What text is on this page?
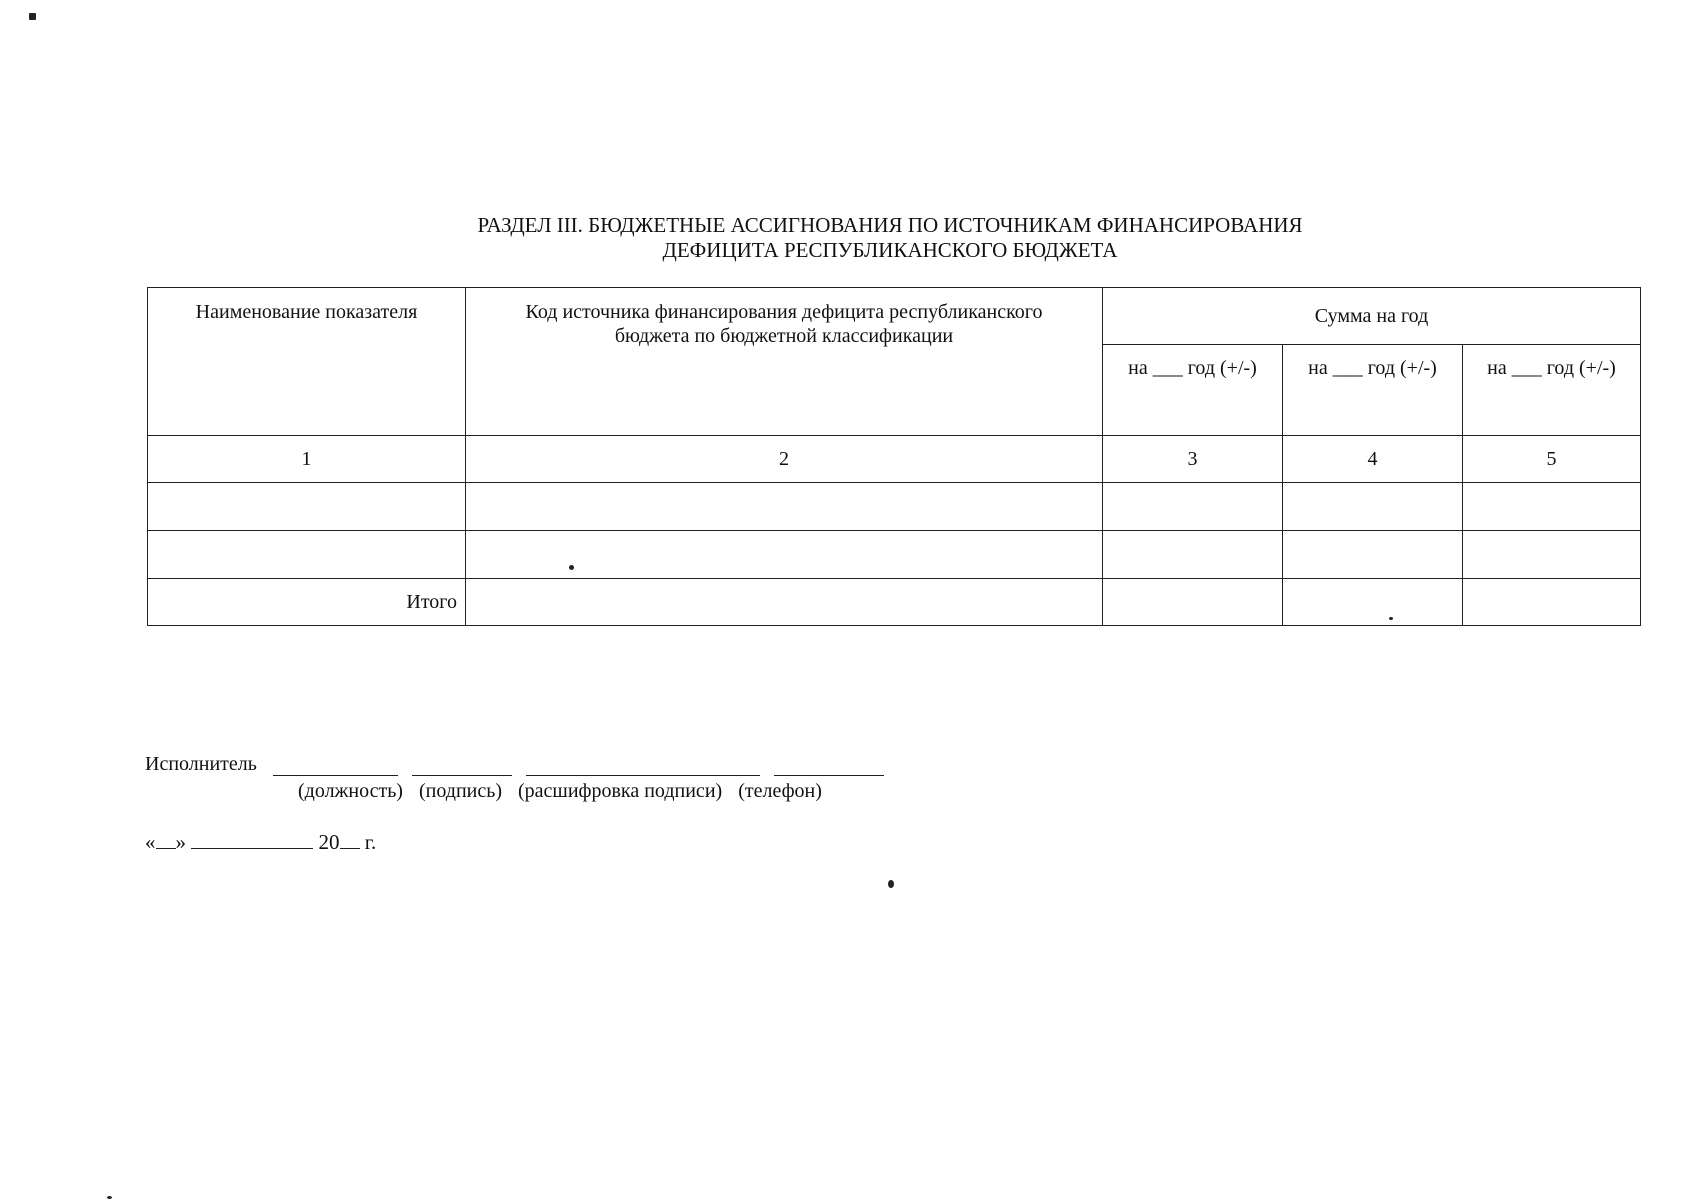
РАЗДЕЛ III. БЮДЖЕТНЫЕ АССИГНОВАНИЯ ПО ИСТОЧНИКАМ ФИНАНСИРОВАНИЯ
ДЕФИЦИТА РЕСПУБЛИКАНСКОГО БЮДЖЕТА
Наименование показателя	Код источника финансирования дефицита республиканского бюджета по бюджетной классификации	Сумма на год		
		на ___ год (+/-)	на ___ год (+/-)	на ___ год (+/-)
1	2	3	4	5

Итого				
Исполнитель
(должность) (подпись) (расшифровка подписи) (телефон)
« »	20 г.
